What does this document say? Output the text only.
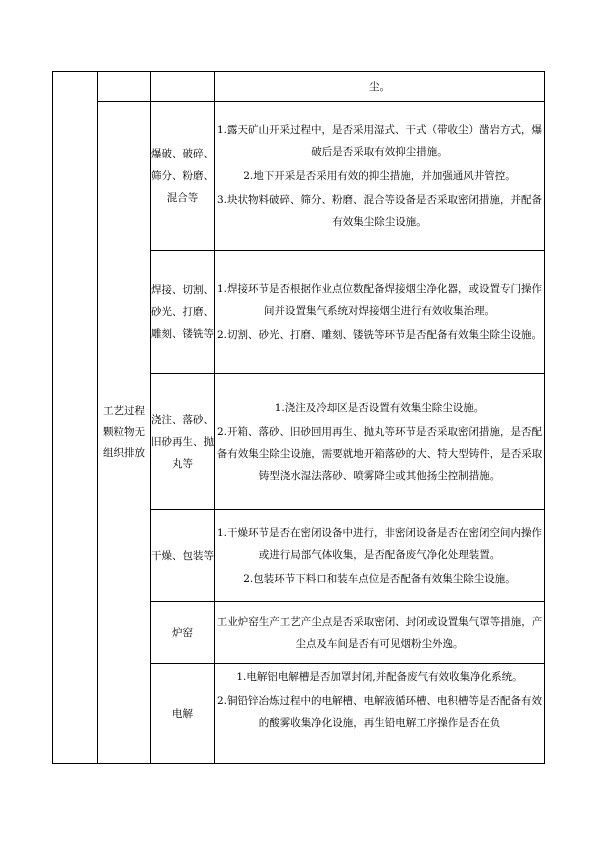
			尘。

	工艺过程颗粒物无组织排放	爆破、破碎、筛分、粉磨、混合等	1.露天矿山开采过程中，是否采用湿式、干式（带收尘）凿岩方式，爆破后是否采取有效抑尘措施。
2.地下开采是否采用有效的抑尘措施，并加强通风井管控。
3.块状物料破碎、筛分、粉磨、混合等设备是否采取密闭措施，并配备有效集尘除尘设施。

		焊接、切割、砂光、打磨、雕刻、镂铣等	1.焊接环节是否根据作业点位数配备焊接烟尘净化器，或设置专门操作间并设置集气系统对焊接烟尘进行有效收集治理。
2.切割、砂光、打磨、雕刻、镂铣等环节是否配备有效集尘除尘设施。

		浇注、落砂、旧砂再生、抛丸等	1.浇注及冷却区是否设置有效集尘除尘设施。
2.开箱、落砂、旧砂回用再生、抛丸等环节是否采取密闭措施，是否配备有效集尘除尘设施，需要就地开箱落砂的大、特大型铸件，是否采取铸型浇水湿法落砂、喷雾降尘或其他扬尘控制措施。

		干燥、包装等	1.干燥环节是否在密闭设备中进行，非密闭设备是否在密闭空间内操作或进行局部气体收集，是否配备废气净化处理装置。
2.包装环节下料口和装车点位是否配备有效集尘除尘设施。

		炉窑	工业炉窑生产工艺产尘点是否采取密闭、封闭或设置集气罩等措施，产尘点及车间是否有可见烟粉尘外逸。

		电解	1.电解铝电解槽是否加罩封闭,并配备废气有效收集净化系统。
2.铜铅锌冶炼过程中的电解槽、电解液循环槽、电积槽等是否配备有效的酸雾收集净化设施，再生铅电解工序操作是否在负
